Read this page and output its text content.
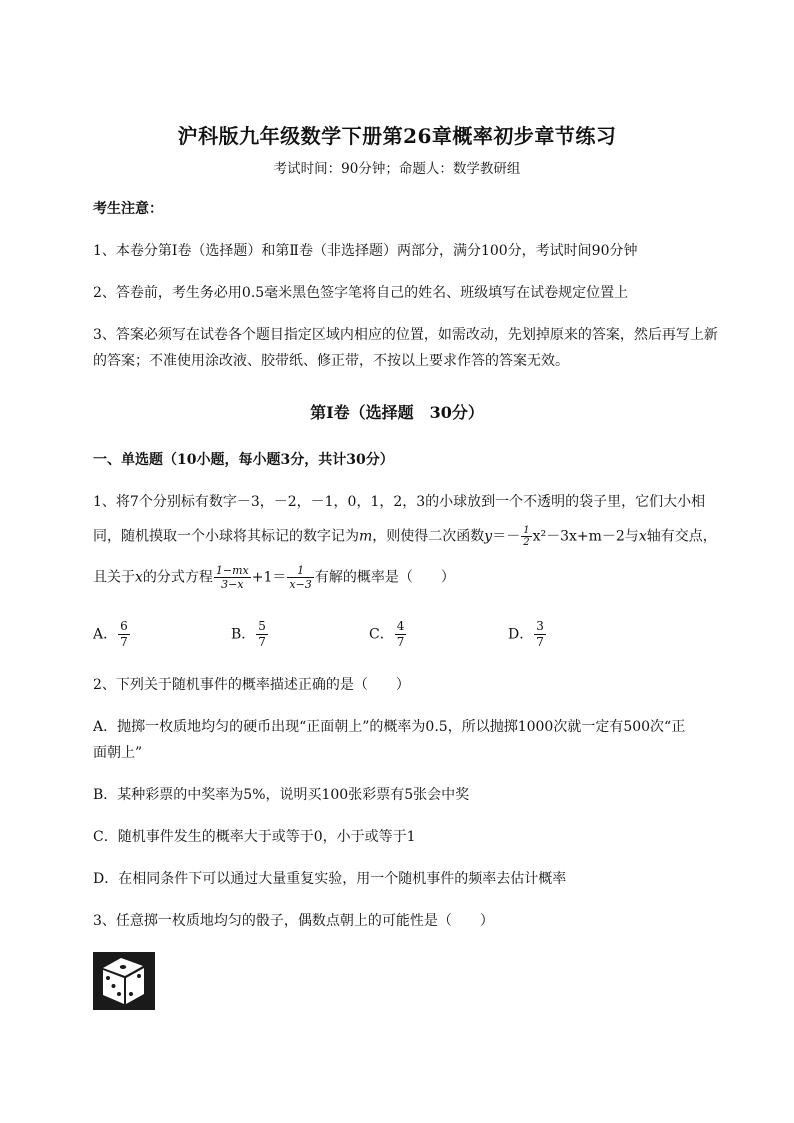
沪科版九年级数学下册第26章概率初步章节练习
考试时间：90分钟；命题人：数学教研组
考生注意：
1、本卷分第I卷（选择题）和第Ⅱ卷（非选择题）两部分，满分100分，考试时间90分钟
2、答卷前，考生务必用0.5毫米黑色签字笔将自己的姓名、班级填写在试卷规定位置上
3、答案必须写在试卷各个题目指定区域内相应的位置，如需改动，先划掉原来的答案，然后再写上新
的答案；不准使用涂改液、胶带纸、修正带，不按以上要求作答的答案无效。
第I卷（选择题　30分）
一、单选题（10小题，每小题3分，共计30分）
1、将7个分别标有数字－3，－2，－1，0，1，2，3的小球放到一个不透明的袋子里，它们大小相
同，随机摸取一个小球将其标记的数字记为m，则使得二次函数$y=- \frac{1}{2} x^2-3x+m-2$与x轴有交点，
且关于x的分式方程 $\frac{1-mx}{3-x} +1= \frac{1}{x-3}$ 有解的概率是（　　）
A． $\frac{6}{7}$	B． $\frac{5}{7}$	C． $\frac{4}{7}$	D． $\frac{3}{7}$
2、下列关于随机事件的概率描述正确的是（　　）
A．抛掷一枚质地均匀的硬币出现“正面朝上”的概率为0.5，所以抛掷1000次就一定有500次“正
面朝上”
B．某种彩票的中奖率为5%，说明买100张彩票有5张会中奖
C．随机事件发生的概率大于或等于0，小于或等于1
D．在相同条件下可以通过大量重复实验，用一个随机事件的频率去估计概率
3、任意掷一枚质地均匀的骰子，偶数点朝上的可能性是（　　）
